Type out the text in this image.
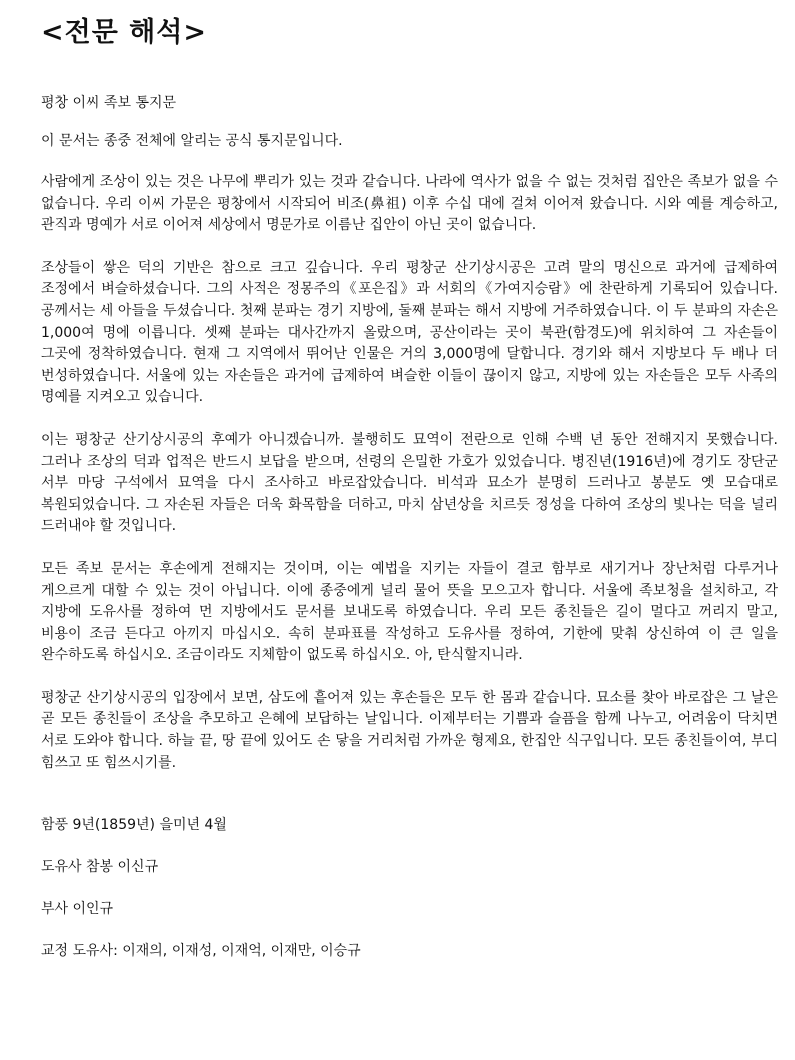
<전문 해석>

평창 이씨 족보 통지문

이 문서는 종중 전체에 알리는 공식 통지문입니다.

사람에게 조상이 있는 것은 나무에 뿌리가 있는 것과 같습니다. 나라에 역사가 없을 수 없는 것처럼 집안은 족보가 없을 수 없습니다. 우리 이씨 가문은 평창에서 시작되어 비조(鼻祖) 이후 수십 대에 걸쳐 이어져 왔습니다. 시와 예를 계승하고, 관직과 명예가 서로 이어져 세상에서 명문가로 이름난 집안이 아닌 곳이 없습니다.

조상들이 쌓은 덕의 기반은 참으로 크고 깊습니다. 우리 평창군 산기상시공은 고려 말의 명신으로 과거에 급제하여 조정에서 벼슬하셨습니다. 그의 사적은 정몽주의《포은집》과 서회의《가여지승람》에 찬란하게 기록되어 있습니다. 공께서는 세 아들을 두셨습니다. 첫째 분파는 경기 지방에, 둘째 분파는 해서 지방에 거주하였습니다. 이 두 분파의 자손은 1,000여 명에 이릅니다. 셋째 분파는 대사간까지 올랐으며, 공산이라는 곳이 북관(함경도)에 위치하여 그 자손들이 그곳에 정착하였습니다. 현재 그 지역에서 뛰어난 인물은 거의 3,000명에 달합니다. 경기와 해서 지방보다 두 배나 더 번성하였습니다. 서울에 있는 자손들은 과거에 급제하여 벼슬한 이들이 끊이지 않고, 지방에 있는 자손들은 모두 사족의 명예를 지켜오고 있습니다.

이는 평창군 산기상시공의 후예가 아니겠습니까. 불행히도 묘역이 전란으로 인해 수백 년 동안 전해지지 못했습니다. 그러나 조상의 덕과 업적은 반드시 보답을 받으며, 선령의 은밀한 가호가 있었습니다. 병진년(1916년)에 경기도 장단군 서부 마당 구석에서 묘역을 다시 조사하고 바로잡았습니다. 비석과 묘소가 분명히 드러나고 봉분도 옛 모습대로 복원되었습니다. 그 자손된 자들은 더욱 화목함을 더하고, 마치 삼년상을 치르듯 정성을 다하여 조상의 빛나는 덕을 널리 드러내야 할 것입니다.

모든 족보 문서는 후손에게 전해지는 것이며, 이는 예법을 지키는 자들이 결코 함부로 새기거나 장난처럼 다루거나 게으르게 대할 수 있는 것이 아닙니다. 이에 종중에게 널리 물어 뜻을 모으고자 합니다. 서울에 족보청을 설치하고, 각 지방에 도유사를 정하여 먼 지방에서도 문서를 보내도록 하였습니다. 우리 모든 종친들은 길이 멀다고 꺼리지 말고, 비용이 조금 든다고 아끼지 마십시오. 속히 분파표를 작성하고 도유사를 정하여, 기한에 맞춰 상신하여 이 큰 일을 완수하도록 하십시오. 조금이라도 지체함이 없도록 하십시오. 아, 탄식할지니라.

평창군 산기상시공의 입장에서 보면, 삼도에 흩어져 있는 후손들은 모두 한 몸과 같습니다. 묘소를 찾아 바로잡은 그 날은 곧 모든 종친들이 조상을 추모하고 은혜에 보답하는 날입니다. 이제부터는 기쁨과 슬픔을 함께 나누고, 어려움이 닥치면 서로 도와야 합니다. 하늘 끝, 땅 끝에 있어도 손 닿을 거리처럼 가까운 형제요, 한집안 식구입니다. 모든 종친들이여, 부디 힘쓰고 또 힘쓰시기를.

함풍 9년(1859년) 을미년 4월

도유사 참봉 이신규

부사 이인규

교정 도유사: 이재의, 이재성, 이재억, 이재만, 이승규
